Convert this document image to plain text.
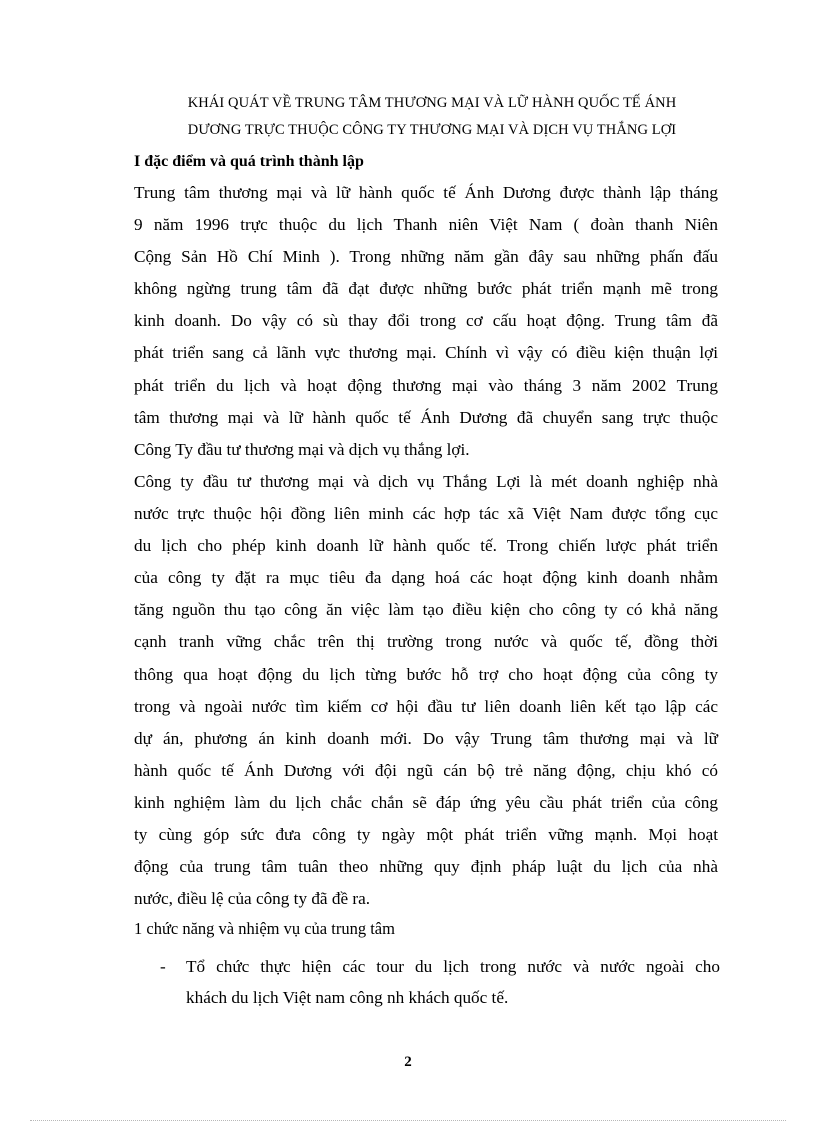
KHÁI QUÁT VỀ TRUNG TÂM THƯƠNG MẠI VÀ LỮ HÀNH QUỐC TẾ ÁNH
DƯƠNG TRỰC THUỘC CÔNG TY THƯƠNG MẠI VÀ DỊCH VỤ THẮNG LỢI
I đặc điểm và quá trình thành lập
Trung tâm thương mại và lữ hành quốc tế Ánh Dương được thành lập tháng
9 năm 1996 trực thuộc du lịch Thanh niên Việt Nam ( đoàn thanh Niên
Cộng Sản Hồ Chí Minh ). Trong những năm gần đây sau những phấn đấu
không ngừng trung tâm đã đạt được những bước phát triển mạnh mẽ trong
kinh doanh. Do vậy có sù thay đổi trong cơ cấu hoạt động. Trung tâm đã
phát triển sang cả lãnh vực thương mại. Chính vì vậy có điều kiện thuận lợi
phát triển du lịch và hoạt động thương mại vào tháng 3 năm 2002 Trung
tâm thương mại và lữ hành quốc tế Ánh Dương đã chuyển sang trực thuộc
Công Ty đầu tư thương mại và dịch vụ thắng lợi.
Công ty đầu tư thương mại và dịch vụ Thắng Lợi là mét doanh nghiệp nhà
nước trực thuộc hội đồng liên minh các hợp tác xã Việt Nam được tổng cục
du lịch cho phép kinh doanh lữ hành quốc tế. Trong chiến lược phát triển
của công ty đặt ra mục tiêu đa dạng hoá các hoạt động kinh doanh nhằm
tăng nguồn thu tạo công ăn việc làm tạo điều kiện cho công ty có khả năng
cạnh tranh vững chắc trên thị trường trong nước và quốc tế, đồng thời
thông qua hoạt động du lịch từng bước hỗ trợ cho hoạt động của công ty
trong và ngoài nước tìm kiếm cơ hội đầu tư liên doanh liên kết tạo lập các
dự án, phương án kinh doanh mới. Do vậy Trung tâm thương mại và lữ
hành quốc tế Ánh Dương với đội ngũ cán bộ trẻ năng động, chịu khó có
kinh nghiệm làm du lịch chắc chắn sẽ đáp ứng yêu cầu phát triển của công
ty cùng góp sức đưa công ty ngày một phát triển vững mạnh. Mọi hoạt
động của trung tâm tuân theo những quy định pháp luật du lịch của nhà
nước, điều lệ của công ty đã đề ra.
1 chức năng và nhiệm vụ của trung tâm
- Tổ chức thực hiện các tour du lịch trong nước và nước ngoài cho
khách du lịch Việt nam công nh khách quốc tế.
2
